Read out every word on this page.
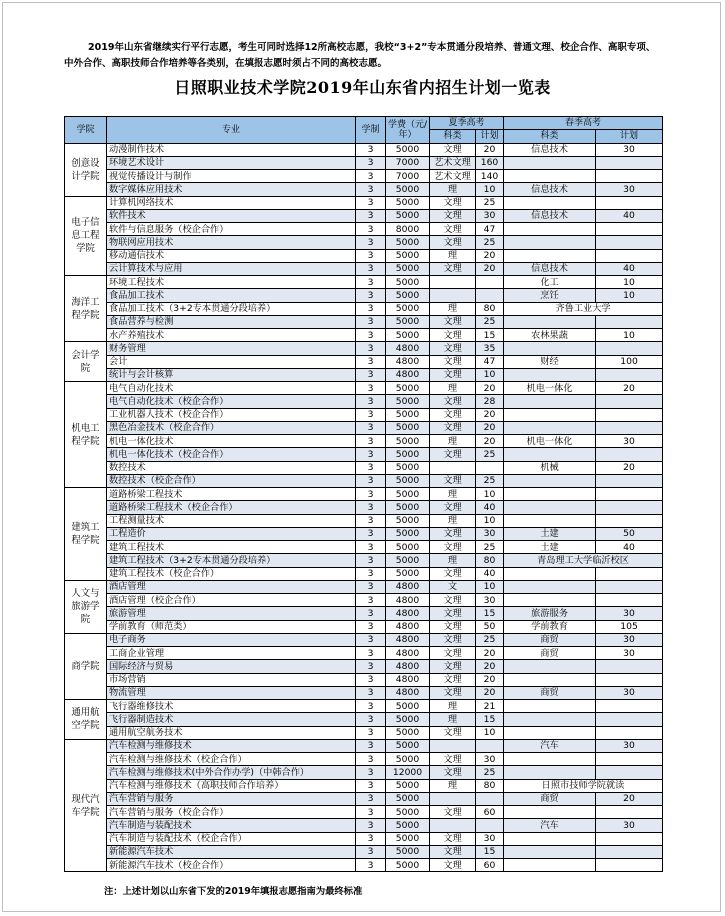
2019年山东省继续实行平行志愿，考生可同时选择12所高校志愿，我校“3+2”专本贯通分段培养、普通文理、校企合作、高职专项、中外合作、高职技师合作培养等各类别，在填报志愿时须占不同的高校志愿。

日照职业技术学院2019年山东省内招生计划一览表
学院	专业	学制	学费（元/年）	夏季高考		春季高考	
				科类	计划	科类	计划
创意设计学院	动漫制作技术	3	5000	文理	20	信息技术	30
	环境艺术设计	3	7000	艺术文理	160		
	视觉传播设计与制作	3	7000	艺术文理	140		
	数字媒体应用技术	3	5000	理	10	信息技术	30
电子信息工程学院	计算机网络技术	3	5000	文理	25		
	软件技术	3	5000	文理	30	信息技术	40
	软件与信息服务（校企合作）	3	8000	文理	47		
	物联网应用技术	3	5000	文理	25		
	移动通信技术	3	5000	理	20		
	云计算技术与应用	3	5000	文理	20	信息技术	40
海洋工程学院	环境工程技术	3	5000			化工	10
	食品加工技术	3	5000			烹饪	10
	食品加工技术（3+2专本贯通分段培养）	3	5000	理	80	齐鲁工业大学	
	食品营养与检测	3	5000	文理	25		
	水产养殖技术	3	5000	文理	15	农林果蔬	10
会计学院	财务管理	3	4800	文理	35		
	会计	3	4800	文理	47	财经	100
	统计与会计核算	3	4800	文理	10		
机电工程学院	电气自动化技术	3	5000	理	20	机电一体化	20
	电气自动化技术（校企合作）	3	5000	文理	28		
	工业机器人技术（校企合作）	3	5000	文理	20		
	黑色冶金技术（校企合作）	3	5000	文理	20		
	机电一体化技术	3	5000	理	20	机电一体化	30
	机电一体化技术（校企合作）	3	5000	文理	25		
	数控技术	3	5000			机械	20
	数控技术（校企合作）	3	5000	文理	25		
建筑工程学院	道路桥梁工程技术	3	5000	理	10		
	道路桥梁工程技术（校企合作）	3	5000	文理	40		
	工程测量技术	3	5000	理	10		
	工程造价	3	5000	文理	30	土建	50
	建筑工程技术	3	5000	文理	25	土建	40
	建筑工程技术（3+2专本贯通分段培养）	3	5000	理	80	青岛理工大学临沂校区	
	建筑工程技术（校企合作）	3	5000	文理	40		
人文与旅游学院	酒店管理	3	4800	文	10		
	酒店管理（校企合作）	3	4800	文理	30		
	旅游管理	3	4800	文理	15	旅游服务	30
	学前教育（师范类）	3	4800	文理	50	学前教育	105
商学院	电子商务	3	4800	文理	25	商贸	30
	工商企业管理	3	4800	文理	20	商贸	30
	国际经济与贸易	3	4800	文理	20		
	市场营销	3	4800	文理	20		
	物流管理	3	4800	文理	20	商贸	30
通用航空学院	飞行器维修技术	3	5000	理	21		
	飞行器制造技术	3	5000	理	15		
	通用航空航务技术	3	5000	文理	10		
现代汽车学院	汽车检测与维修技术	3	5000			汽车	30
	汽车检测与维修技术（校企合作）	3	5000	文理	30		
	汽车检测与维修技术(中外合作办学)（中韩合作）	3	12000	文理	25		
	汽车检测与维修技术（高职技师合作培养）	3	5000	理	80	日照市技师学院就读	
	汽车营销与服务	3	5000			商贸	20
	汽车营销与服务（校企合作）	3	5000	文理	60		
	汽车制造与装配技术	3	5000			汽车	30
	汽车制造与装配技术（校企合作）	3	5000	文理	30		
	新能源汽车技术	3	5000	文理	15		
	新能源汽车技术（校企合作）	3	5000	文理	60		
注：上述计划以山东省下发的2019年填报志愿指南为最终标准
